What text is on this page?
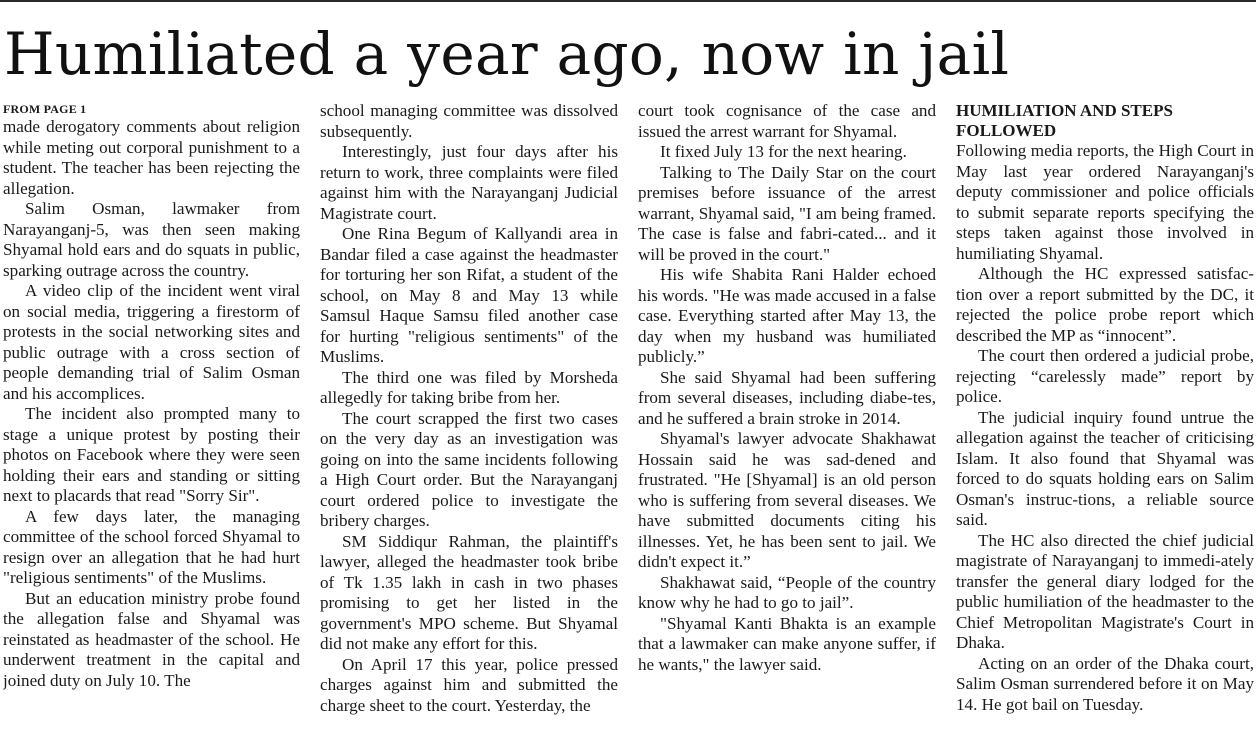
Humiliated a year ago, now in jail
FROM PAGE 1

made derogatory comments about religion while meting out corporal punishment to a student. The teacher has been rejecting the allegation.

Salim Osman, lawmaker from Narayanganj-5, was then seen making Shyamal hold ears and do squats in public, sparking outrage across the country.

A video clip of the incident went viral on social media, triggering a firestorm of protests in the social networking sites and public outrage with a cross section of people demanding trial of Salim Osman and his accomplices.

The incident also prompted many to stage a unique protest by posting their photos on Facebook where they were seen holding their ears and standing or sitting next to placards that read "Sorry Sir".

A few days later, the managing committee of the school forced Shyamal to resign over an allegation that he had hurt "religious sentiments" of the Muslims.

But an education ministry probe found the allegation false and Shyamal was reinstated as headmaster of the school. He underwent treatment in the capital and joined duty on July 10. The

school managing committee was dissolved subsequently.

Interestingly, just four days after his return to work, three complaints were filed against him with the Narayanganj Judicial Magistrate court.

One Rina Begum of Kallyandi area in Bandar filed a case against the headmaster for torturing her son Rifat, a student of the school, on May 8 and May 13 while Samsul Haque Samsu filed another case for hurting "religious sentiments" of the Muslims.

The third one was filed by Morsheda allegedly for taking bribe from her.

The court scrapped the first two cases on the very day as an investigation was going on into the same incidents following a High Court order. But the Narayanganj court ordered police to investigate the bribery charges.

SM Siddiqur Rahman, the plaintiff's lawyer, alleged the headmaster took bribe of Tk 1.35 lakh in cash in two phases promising to get her listed in the government's MPO scheme. But Shyamal did not make any effort for this.

On April 17 this year, police pressed charges against him and submitted the charge sheet to the court. Yesterday, the

court took cognisance of the case and issued the arrest warrant for Shyamal.

It fixed July 13 for the next hearing.

Talking to The Daily Star on the court premises before issuance of the arrest warrant, Shyamal said, "I am being framed. The case is false and fabri-cated... and it will be proved in the court."

His wife Shabita Rani Halder echoed his words. "He was made accused in a false case. Everything started after May 13, the day when my husband was humiliated publicly.”

She said Shyamal had been suffering from several diseases, including diabe-tes, and he suffered a brain stroke in 2014.

Shyamal's lawyer advocate Shakhawat Hossain said he was sad-dened and frustrated. "He [Shyamal] is an old person who is suffering from several diseases. We have submitted documents citing his illnesses. Yet, he has been sent to jail. We didn't expect it.”

Shakhawat said, “People of the country know why he had to go to jail”.

"Shyamal Kanti Bhakta is an example that a lawmaker can make anyone suffer, if he wants," the lawyer said.

HUMILIATION AND STEPS FOLLOWED

Following media reports, the High Court in May last year ordered Narayanganj's deputy commissioner and police officials to submit separate reports specifying the steps taken against those involved in humiliating Shyamal.

Although the HC expressed satisfac-tion over a report submitted by the DC, it rejected the police probe report which described the MP as “innocent”.

The court then ordered a judicial probe, rejecting “carelessly made” report by police.

The judicial inquiry found untrue the allegation against the teacher of criticising Islam. It also found that Shyamal was forced to do squats holding ears on Salim Osman's instruc-tions, a reliable source said.

The HC also directed the chief judicial magistrate of Narayanganj to immedi-ately transfer the general diary lodged for the public humiliation of the headmaster to the Chief Metropolitan Magistrate's Court in Dhaka.

Acting on an order of the Dhaka court, Salim Osman surrendered before it on May 14. He got bail on Tuesday.
